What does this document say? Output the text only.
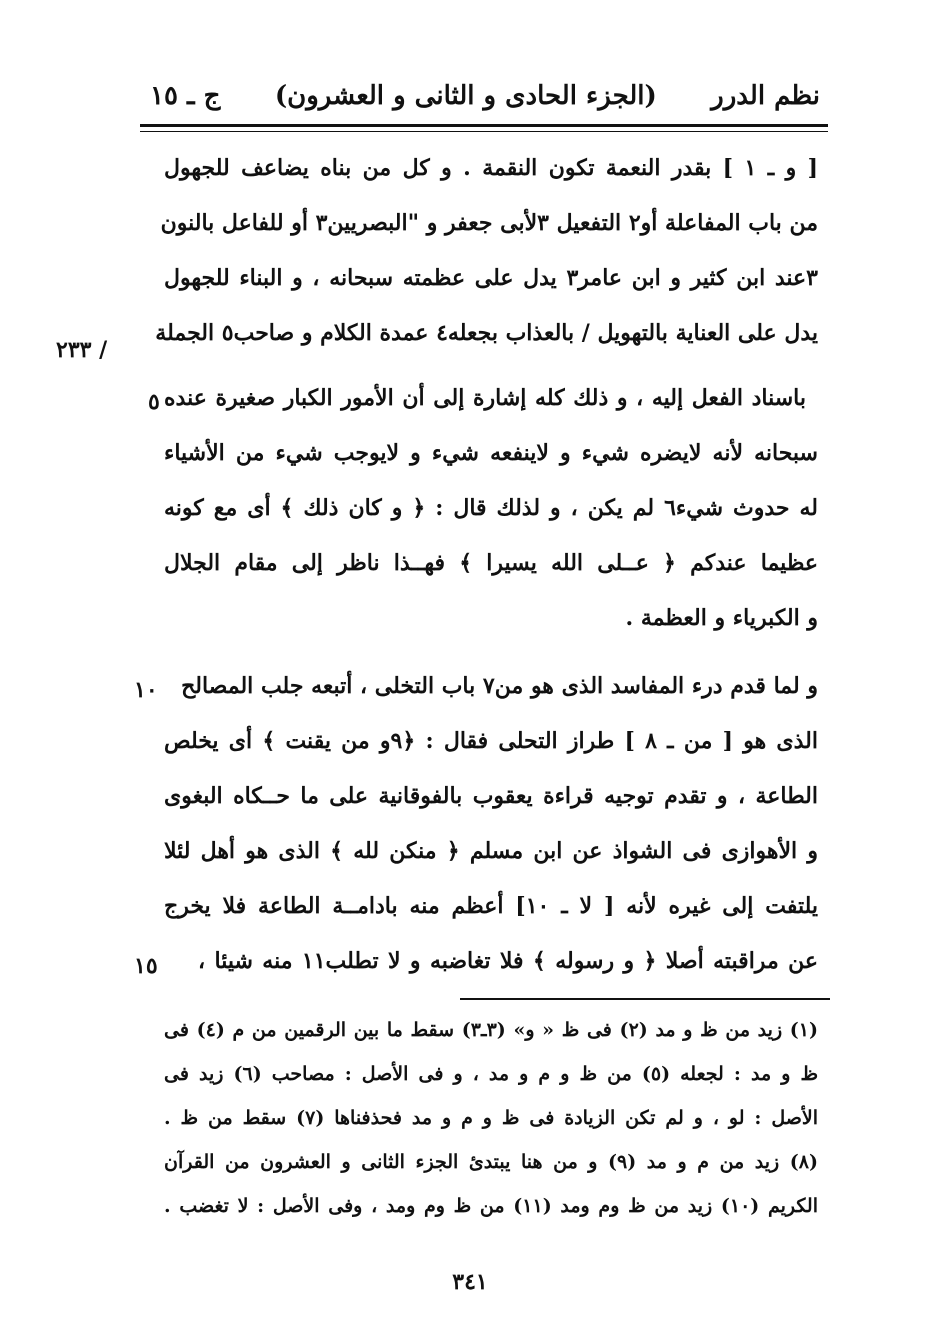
نظم الدرر
(الجزء الحادى و الثانى و العشرون)
ج ـ ١٥
/ ٢٣٣
٥
١٠
١٥
[ و ـ ١ ] بقدر النعمة تكون النقمة . و كل من بناه يضاعف للجهول
من باب المفاعلة أو٢ التفعيل ٣لأبى جعفر و "البصريين٣ أو للفاعل بالنون
٣عند ابن كثير و ابن عامر٣ يدل على عظمته سبحانه ، و البناء للجهول
يدل على العناية بالتهويل / بالعذاب بجعله٤ عمدة الكلام و صاحب٥ الجملة
باسناد الفعل إليه ، و ذلك كله إشارة إلى أن الأمور الكبار صغيرة عنده
سبحانه لأنه لايضره شيء و لاينفعه شيء و لايوجب شيء من الأشياء
له حدوث شيء٦ لم يكن ، و لذلك قال : ﴿ و كان ذلك ﴾ أى مع كونه
عظيما عندكم ﴿ عــلى الله يسيرا ﴾ فهــذا ناظر إلى مقام الجلال
و الكبرياء و العظمة .
و لما قدم درء المفاسد الذى هو من٧ باب التخلى ، أتبعه جلب المصالح
الذى هو [ من ـ ٨ ] طراز التحلى فقال : ﴿٩و من يقنت ﴾ أى يخلص
الطاعة ، و تقدم توجيه قراءة يعقوب بالفوقانية على ما حــكاه البغوى
و الأهوازى فى الشواذ عن ابن مسلم ﴿ منكن لله ﴾ الذى هو أهل لئلا
يلتفت إلى غيره لأنه [ لا ـ ١٠] أعظم منه بادامــة الطاعة فلا يخرج
عن مراقبته أصلا ﴿ و رسوله ﴾ فلا تغاضبه و لا تطلب١١ منه شيئا ،
(١) زيد من ظ و مد (٢) فى ظ « و» (٣ـ٣) سقط ما بين الرقمين من م (٤) فى
ظ و مد : لجعله (٥) من ظ و م و مد ، و فى الأصل : مصاحب (٦) زيد فى
الأصل : لو ، و لم تكن الزيادة فى ظ و م و مد فحذفناها (٧) سقط من ظ .
(٨) زيد من م و مد (٩) و من هنا يبتدئ الجزء الثانى و العشرون من القرآن
الكريم (١٠) زيد من ظ وم ومد (١١) من ظ وم ومد ، وفى الأصل : لا تغضب .
٣٤١
